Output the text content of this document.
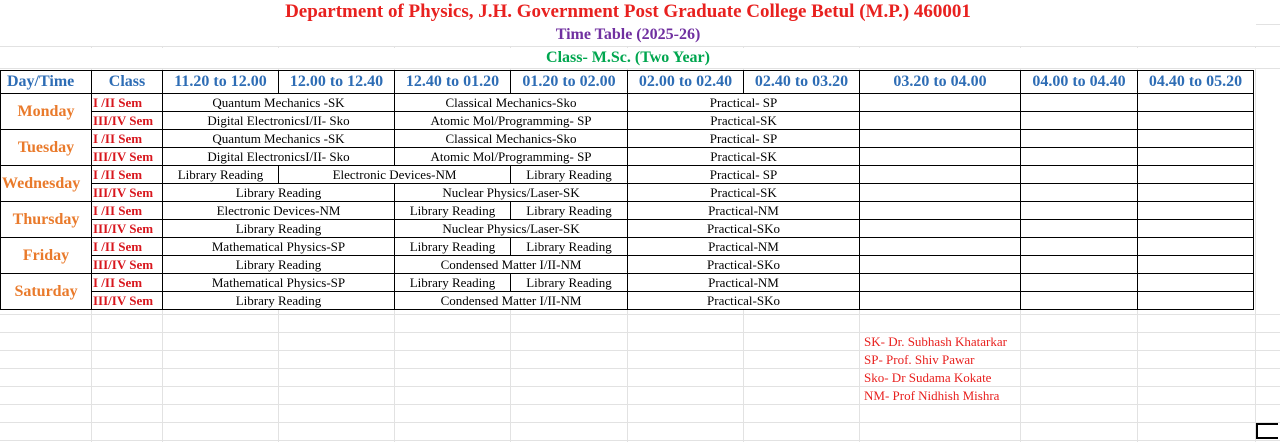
Department of Physics, J.H. Government Post Graduate College Betul (M.P.) 460001
Time Table (2025-26)
Class- M.Sc. (Two Year)
Day/Time	Class	11.20 to 12.00	12.00 to 12.40	12.40 to 01.20	01.20 to 02.00	02.00 to 02.40	02.40 to 03.20	03.20 to 04.00	04.00 to 04.40	04.40 to 05.20
Monday	I /II Sem	Quantum Mechanics -SK		Classical Mechanics-Sko		Practical- SP				
	III/IV Sem	Digital ElectronicsI/II- Sko		Atomic Mol/Programming- SP		Practical-SK				
Tuesday	I /II Sem	Quantum Mechanics -SK		Classical Mechanics-Sko		Practical- SP				
	III/IV Sem	Digital ElectronicsI/II- Sko		Atomic Mol/Programming- SP		Practical-SK				
Wednesday	I /II Sem	Library Reading	Electronic Devices-NM		Library Reading	Practical- SP				
	III/IV Sem	Library Reading		Nuclear Physics/Laser-SK		Practical-SK				
Thursday	I /II Sem	Electronic Devices-NM		Library Reading	Library Reading	Practical-NM				
	III/IV Sem	Library Reading		Nuclear Physics/Laser-SK		Practical-SKo				
Friday	I /II Sem	Mathematical Physics-SP		Library Reading	Library Reading	Practical-NM				
	III/IV Sem	Library Reading		Condensed Matter I/II-NM		Practical-SKo				
Saturday	I /II Sem	Mathematical Physics-SP		Library Reading	Library Reading	Practical-NM				
	III/IV Sem	Library Reading		Condensed Matter I/II-NM		Practical-SKo				
SK- Dr. Subhash Khatarkar
SP- Prof. Shiv Pawar
Sko- Dr Sudama Kokate
NM- Prof Nidhish Mishra
